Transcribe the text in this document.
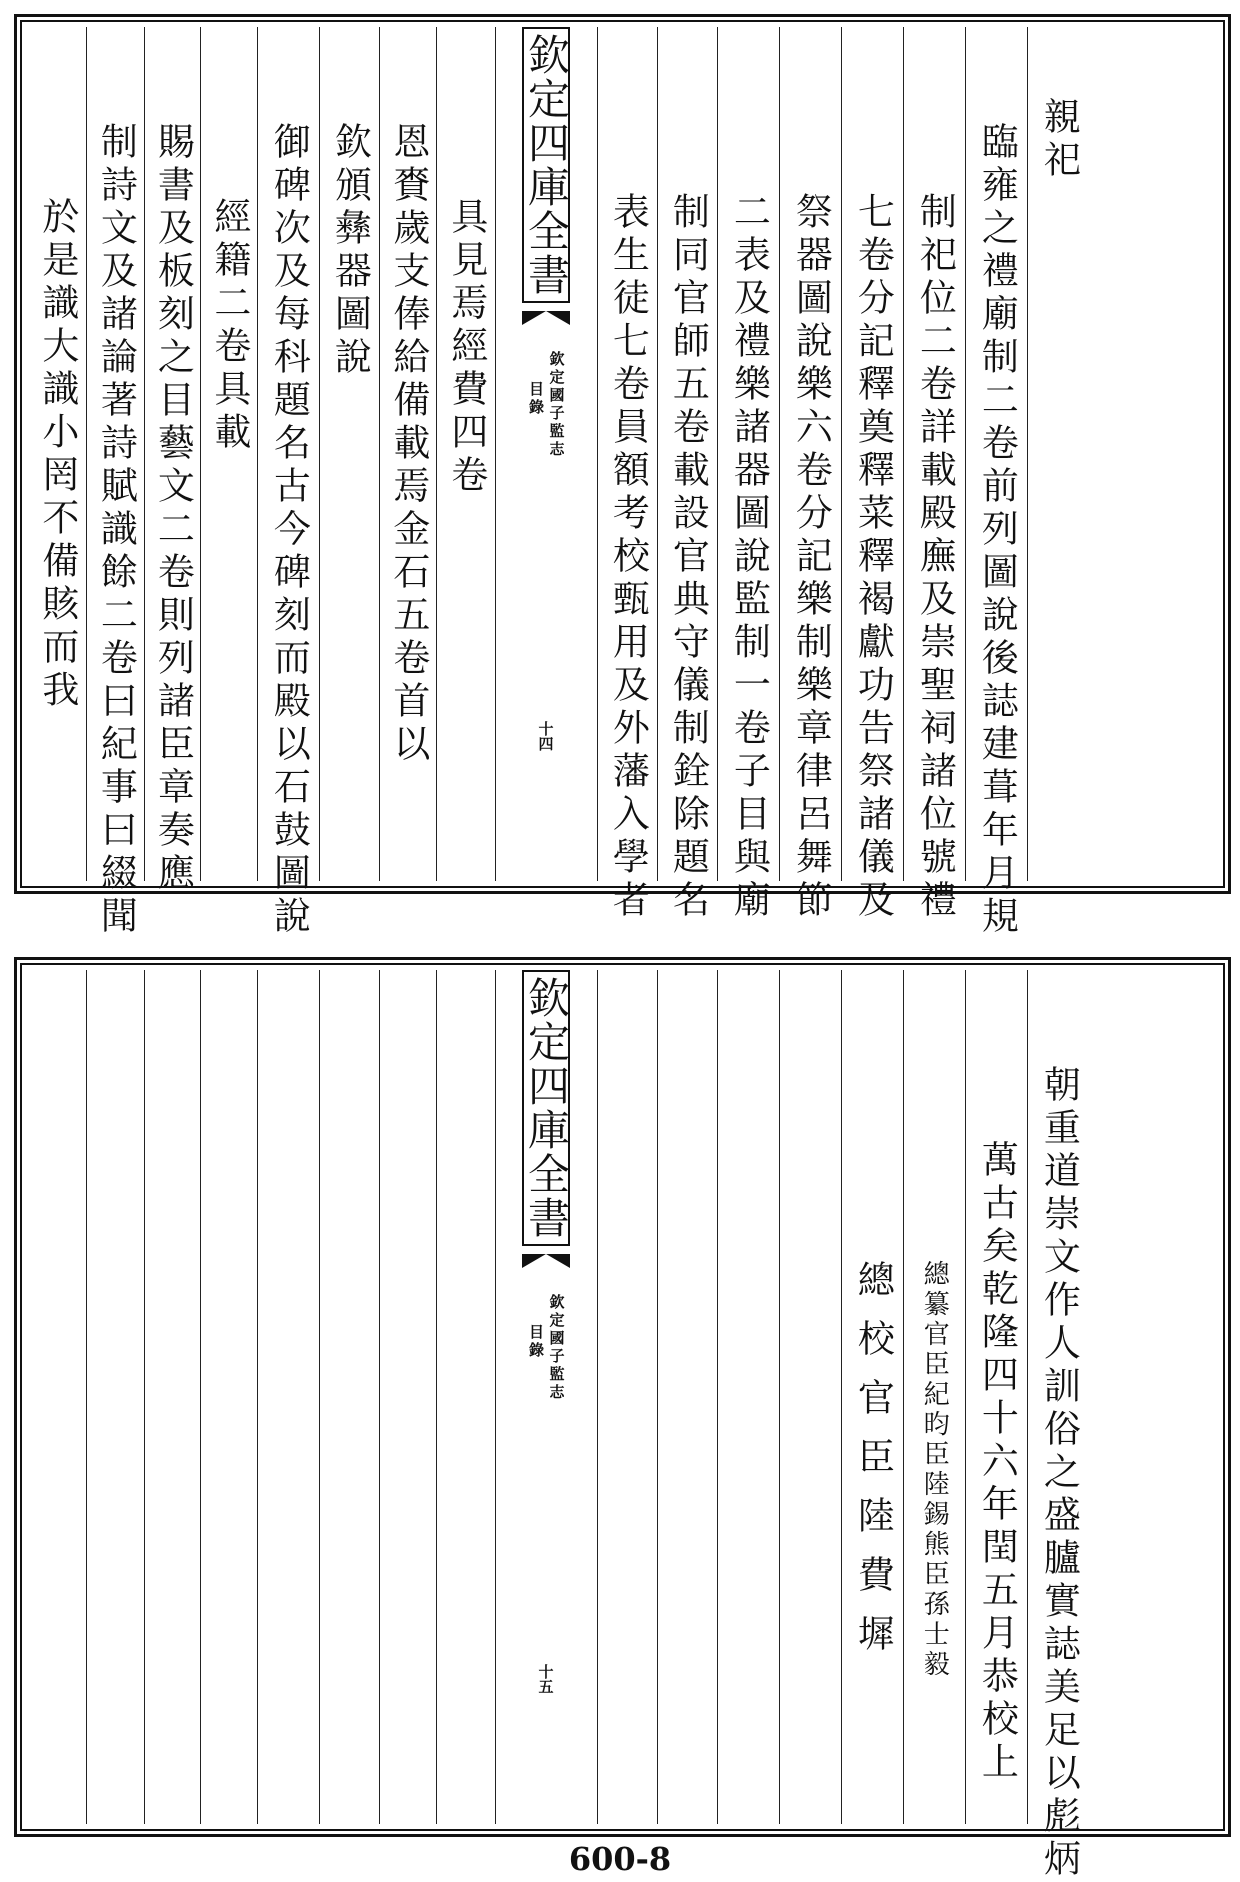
欽定四庫全書
欽定國子監志
目錄
十四
親祀
臨雍之禮廟制二卷前列圖說後誌建葺年月規
制祀位二卷詳載殿廡及崇聖祠諸位號禮
七卷分記釋奠釋菜釋褐獻功告祭諸儀及
祭器圖說樂六卷分記樂制樂章律呂舞節
二表及禮樂諸器圖說監制一卷子目與廟
制同官師五卷載設官典守儀制銓除題名
表生徒七卷員額考校甄用及外藩入學者
具見焉經費四卷
恩賚歲支俸給備載焉金石五卷首以
欽頒彝器圖說
御碑次及每科題名古今碑刻而殿以石鼓圖說
經籍二卷具載
賜書及板刻之目藝文二卷則列諸臣章奏應
制詩文及諸論著詩賦識餘二卷曰紀事曰綴聞
於是識大識小罔不備賅而我
欽定四庫全書
欽定國子監志
目錄
十五	朝重道崇文作人訓俗之盛臚實誌美足以彪炳
萬古矣乾隆四十六年閏五月恭校上
總纂官臣紀昀臣陸錫熊臣孫士毅
總校官臣陸費墀
600-8
